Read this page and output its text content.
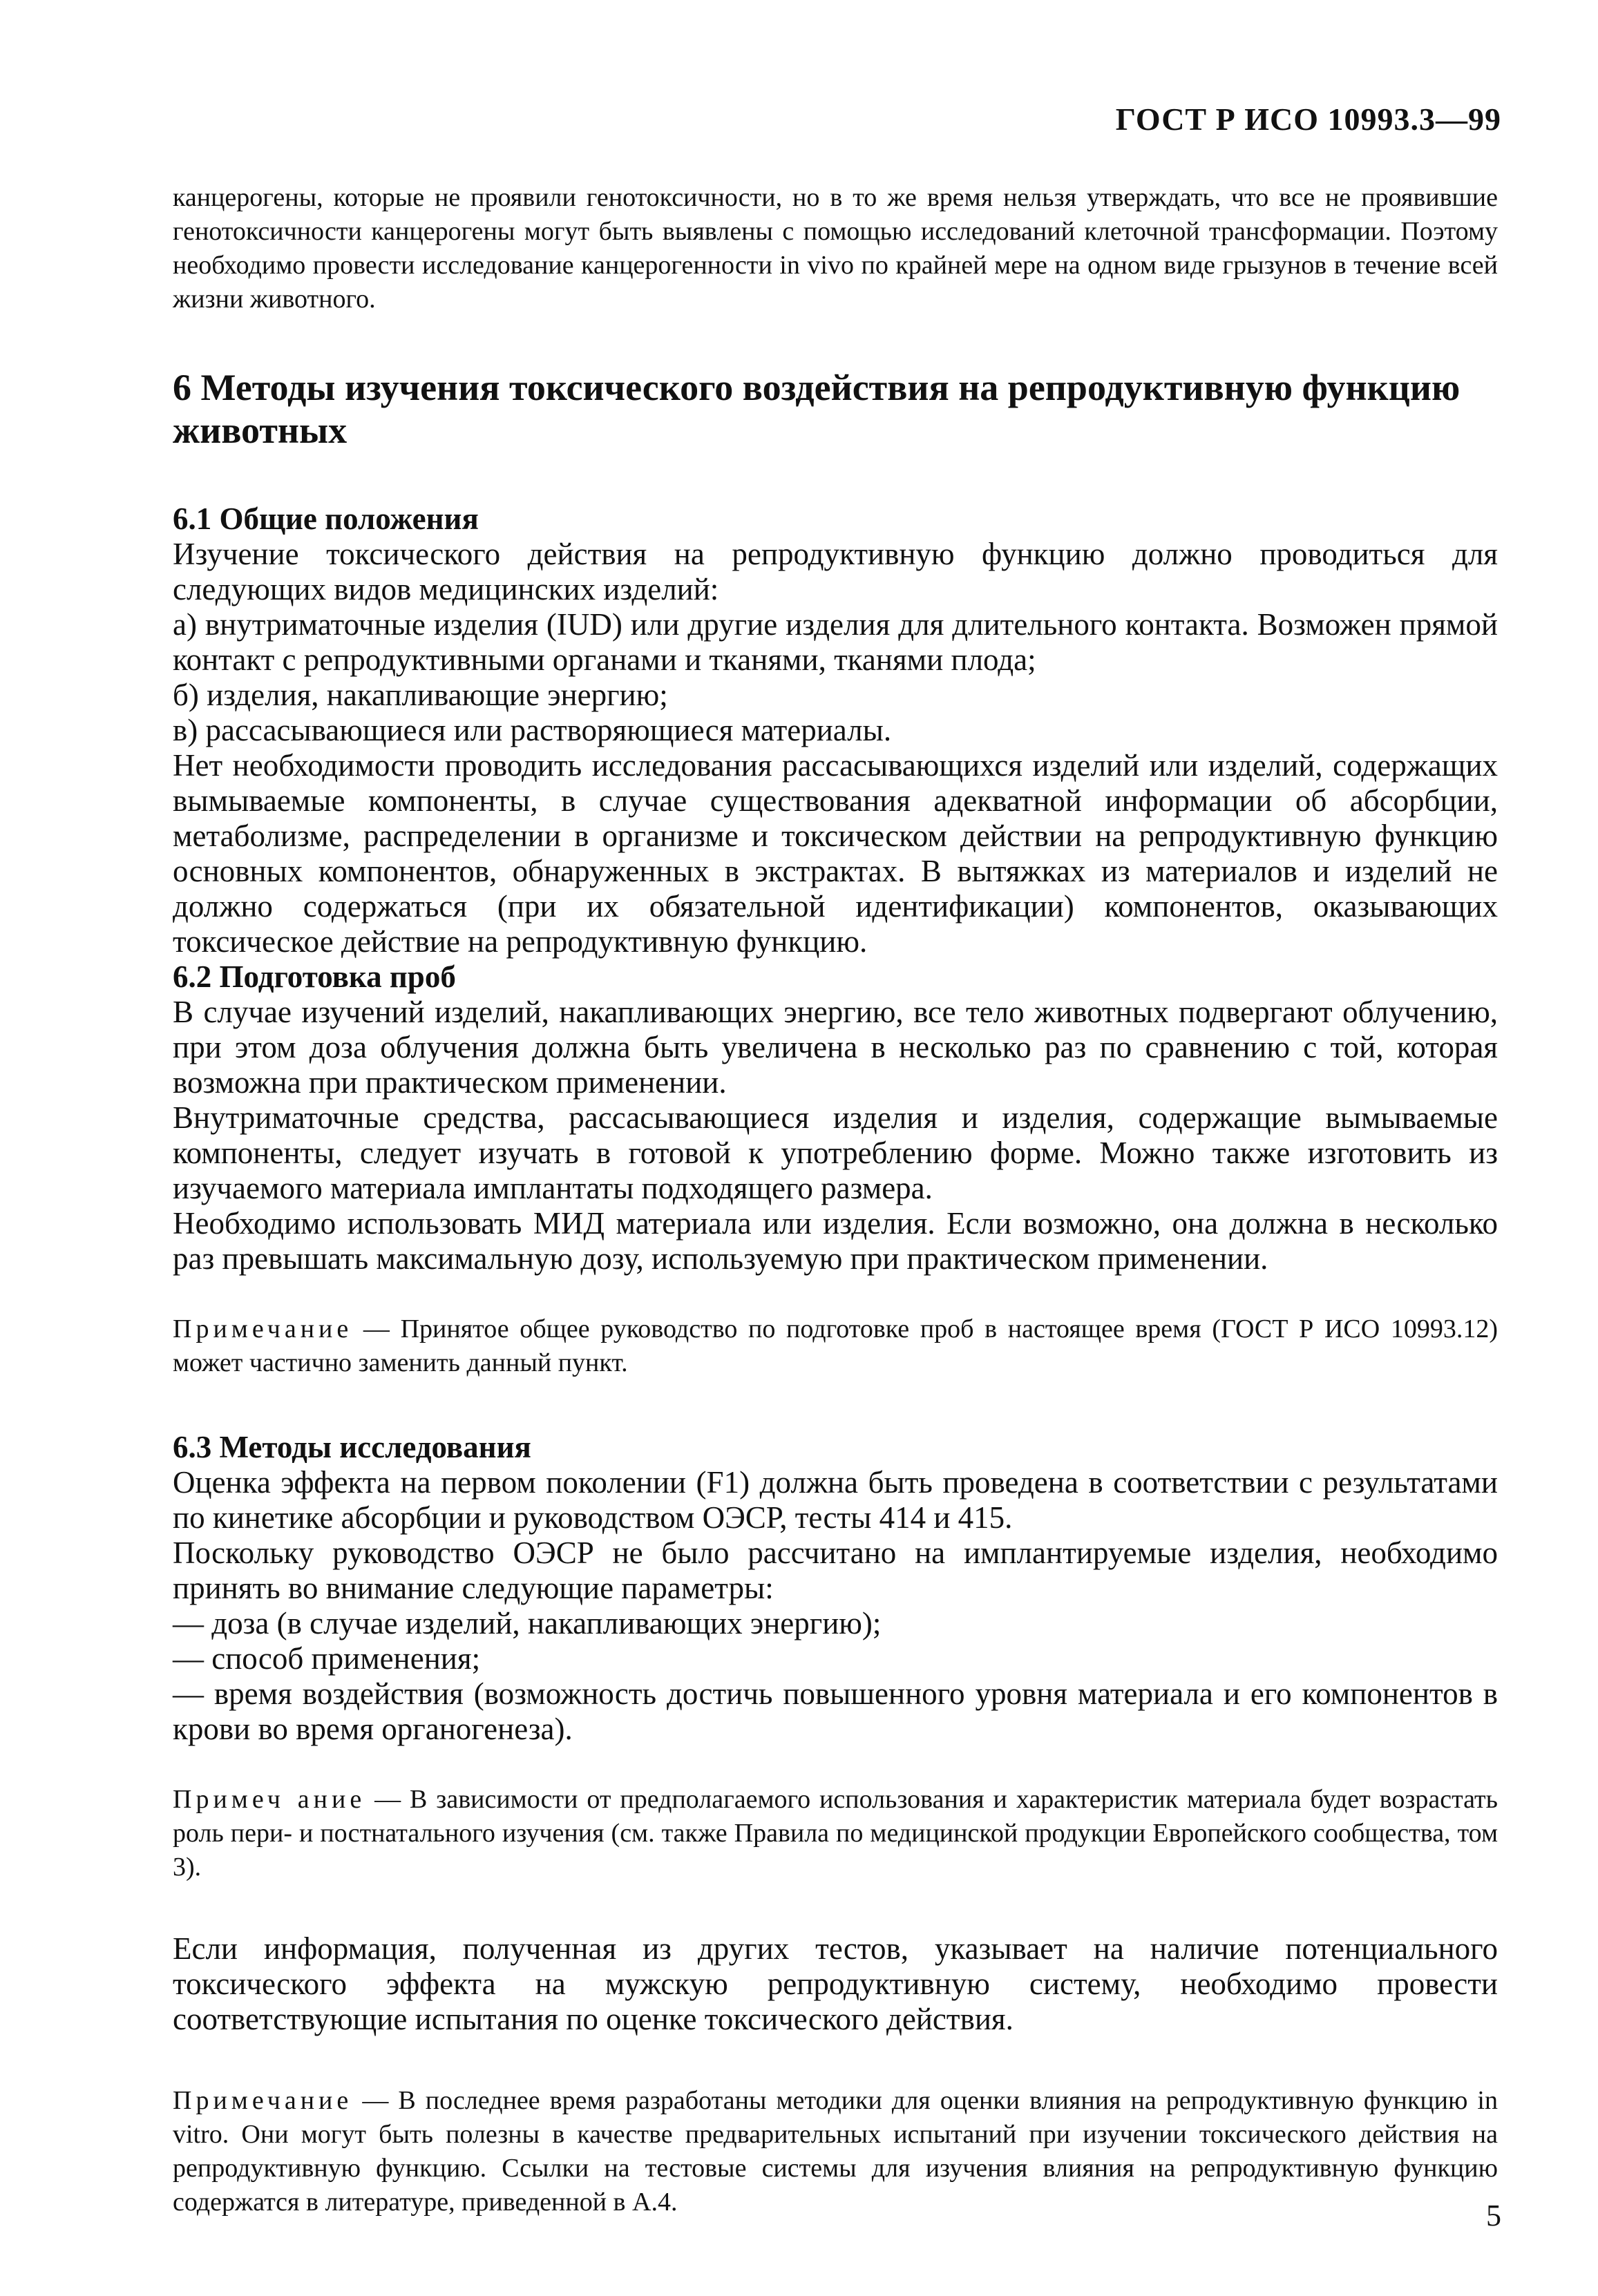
ГОСТ Р ИСО 10993.3—99

канцерогены, которые не проявили генотоксичности, но в то же время нельзя утверждать, что все не проявившие генотоксичности канцерогены могут быть выявлены с помощью исследований клеточной трансформации. Поэтому необходимо провести исследование канцерогенности in vivo по крайней мере на одном виде грызунов в течение всей жизни животного.

6 Методы изучения токсического воздействия на репродуктивную функцию животных
6.1 Общие положения

Изучение токсического действия на репродуктивную функцию должно проводиться для следующих видов медицинских изделий:

а) внутриматочные изделия (IUD) или другие изделия для длительного контакта. Возможен прямой контакт с репродуктивными органами и тканями, тканями плода;

б) изделия, накапливающие энергию;

в) рассасывающиеся или растворяющиеся материалы.

Нет необходимости проводить исследования рассасывающихся изделий или изделий, содержащих вымываемые компоненты, в случае существования адекватной информации об абсорбции, метаболизме, распределении в организме и токсическом действии на репродуктивную функцию основных компонентов, обнаруженных в экстрактах. В вытяжках из материалов и изделий не должно содержаться (при их обязательной идентификации) компонентов, оказывающих токсическое действие на репродуктивную функцию.

6.2 Подготовка проб

В случае изучений изделий, накапливающих энергию, все тело животных подвергают облучению, при этом доза облучения должна быть увеличена в несколько раз по сравнению с той, которая возможна при практическом применении.

Внутриматочные средства, рассасывающиеся изделия и изделия, содержащие вымываемые компоненты, следует изучать в готовой к употреблению форме. Можно также изготовить из изучаемого материала имплантаты подходящего размера.

Необходимо использовать МИД материала или изделия. Если возможно, она должна в несколько раз превышать максимальную дозу, используемую при практическом применении.

Примечание — Принятое общее руководство по подготовке проб в настоящее время (ГОСТ Р ИСО 10993.12) может частично заменить данный пункт.

6.3 Методы исследования

Оценка эффекта на первом поколении (F1) должна быть проведена в соответствии с результатами по кинетике абсорбции и руководством ОЭСР, тесты 414 и 415.

Поскольку руководство ОЭСР не было рассчитано на имплантируемые изделия, необходимо принять во внимание следующие параметры:

— доза (в случае изделий, накапливающих энергию);

— способ применения;

— время воздействия (возможность достичь повышенного уровня материала и его компонентов в крови во время органогенеза).

Примеч ание — В зависимости от предполагаемого использования и характеристик материала будет возрастать роль пери- и постнатального изучения (см. также Правила по медицинской продукции Европейского сообщества, том 3).

Если информация, полученная из других тестов, указывает на наличие потенциального токсического эффекта на мужскую репродуктивную систему, необходимо провести соответствующие испытания по оценке токсического действия.

Примечание — В последнее время разработаны методики для оценки влияния на репродуктивную функцию in vitro. Они могут быть полезны в качестве предварительных испытаний при изучении токсического действия на репродуктивную функцию. Ссылки на тестовые системы для изучения влияния на репродуктивную функцию содержатся в литературе, приведенной в А.4.	5
